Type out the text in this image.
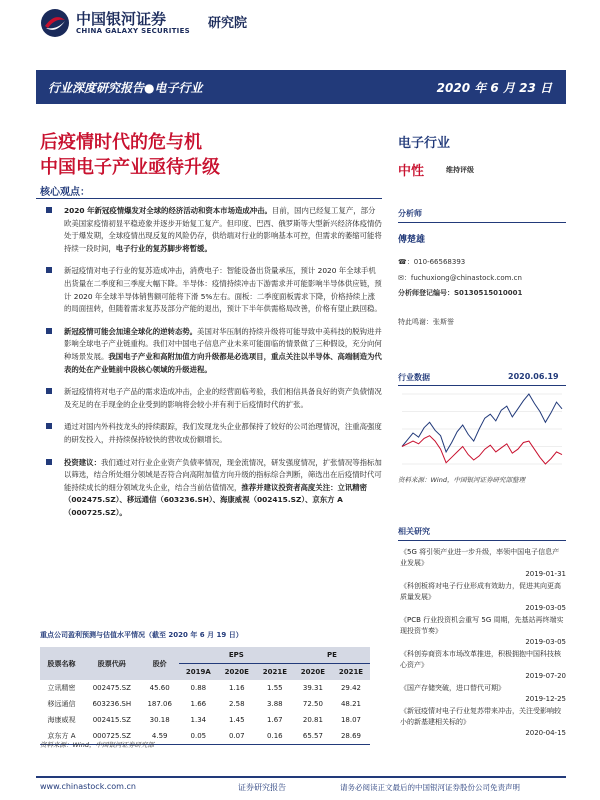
中国银河证券
CHINA GALAXY SECURITIES 研究院
行业深度研究报告●电子行业	2020 年 6 月 23 日
后疫情时代的危与机
中国电子产业亟待升级
核心观点：
2020 年新冠疫情爆发对全球的经济活动和资本市场造成冲击。目前，国内已经复工复产，部分欧美国家疫情初显平稳迹象并逐步开始复工复产。但印度、巴西、俄罗斯等大型新兴经济体疫情仍处于爆发期，全球疫情出现反复的风险仍存，供给端对行业的影响基本可控，但需求的萎缩可能将持续一段时间，电子行业的复苏脚步将暂缓。
新冠疫情对电子行业的复苏造成冲击，消费电子：智能设备出货量承压，预计 2020 年全球手机出货量在二季度和三季度大幅下降。半导体：疫情持续冲击下游需求并可能影响半导体供应链，预计 2020 年全球半导体销售额可能将下滑 5%左右。面板：二季度面板需求下降，价格持续上涨的局面扭转，但随着需求复苏及部分产能的退出，预计下半年供需格局改善，价格有望止跌回稳。
新冠疫情可能会加速全球化的逆转态势。美国对华压制的持续升级将可能导致中美科技的脱钩进并影响全球电子产业链重构。我们对中国电子信息产业未来可能面临的情景做了三种假设，充分向何种场景发展。我国电子产业和高附加值方向升级都是必选项目，重点关注以半导体、高端制造为代表的处在产业链前中段核心领域的升级进程。
新冠疫情将对电子产品的需求造成冲击，企业的经营面临考验，我们相信具备良好的资产负债情况及充足的在手现金的企业受到的影响将会较小并有利于后疫情时代的扩张。
通过对国内外科技龙头的持续跟踪，我们发现龙头企业都保持了较好的公司治理情况，注重高强度的研发投入，并持续保持较快的营收成份额增长。
投资建议：我们通过对行业企业资产负债率情况，现金流情况，研发强度情况，扩张情况等指标加以筛选，结合所处细分领域是否符合向高附加值方向升级的指标综合判断，筛选出在后疫情时代可能持续成长的细分领域龙头企业，结合当前估值情况，推荐并建议投资者高度关注：立讯精密（002475.SZ）、移远通信（603236.SH）、海康威视（002415.SZ）、京东方 A（000725.SZ）。
电子行业
中性	维持评级
分析师
傅楚雄
☎：010-66568393
✉：fuchuxiong@chinastock.com.cn
分析师登记编号：S0130515010001
特此鸣谢：张斯誉
行业数据	2020.06.19
资料来源：Wind，中国银河证券研究部整理
相关研究
《5G 将引领产业进一步升级，率领中国电子信息产业发展》
2019-01-31
《科创板将对电子行业形成有效助力，促进其向更高质量发展》
2019-03-05
《PCB 行业投资机会重写 5G 周期，先基站再终端实现投资节奏》
2019-03-05
《科创券商资本市场改革推进，积极拥抱中国科技核心资产》
2019-07-20
《国产存储突破，进口替代可期》
2019-12-25
《新冠疫情对电子行业复苏带来冲击，关注受影响较小的新基建相关标的》
2020-04-15
重点公司盈利预测与估值水平情况（截至 2020 年 6 月 19 日）
股票名称	股票代码	股价	EPS			PE	
			2019A	2020E	2021E	2020E	2021E
立讯精密	002475.SZ	45.60	0.88	1.16	1.55	39.31	29.42
移远通信	603236.SH	187.06	1.66	2.58	3.88	72.50	48.21
海康威视	002415.SZ	30.18	1.34	1.45	1.67	20.81	18.07
京东方 A	000725.SZ	4.59	0.05	0.07	0.16	65.57	28.69
资料来源：Wind，中国银河证券研究部
www.chinastock.com.cn	证券研究报告	请务必阅读正文最后的中国银河证券股份公司免责声明
